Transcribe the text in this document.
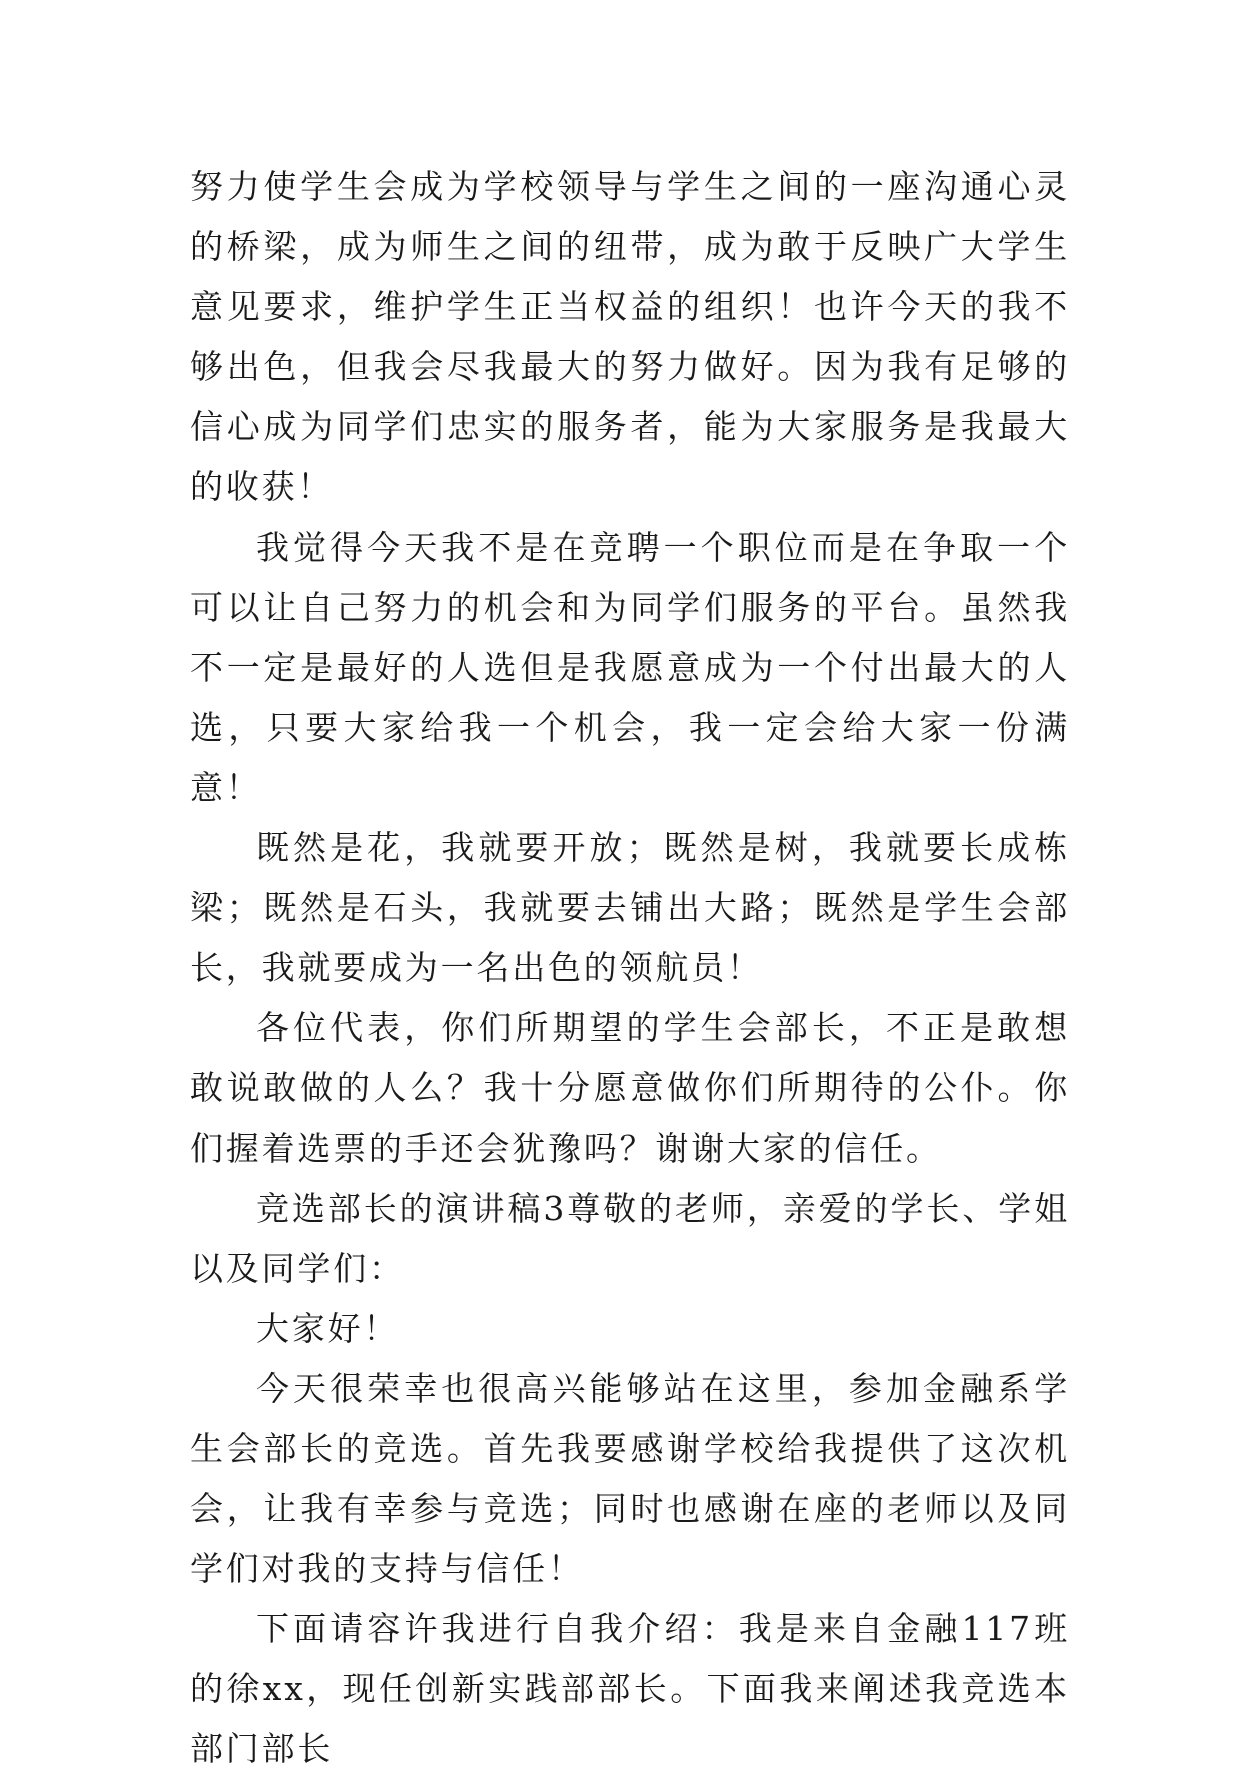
努力使学生会成为学校领导与学生之间的一座沟通心灵的桥梁，成为师生之间的纽带，成为敢于反映广大学生意见要求，维护学生正当权益的组织！也许今天的我不够出色，但我会尽我最大的努力做好。因为我有足够的信心成为同学们忠实的服务者，能为大家服务是我最大的收获！

我觉得今天我不是在竞聘一个职位而是在争取一个可以让自己努力的机会和为同学们服务的平台。虽然我不一定是最好的人选但是我愿意成为一个付出最大的人选，只要大家给我一个机会，我一定会给大家一份满意！

既然是花，我就要开放；既然是树，我就要长成栋梁；既然是石头，我就要去铺出大路；既然是学生会部长，我就要成为一名出色的领航员！

各位代表，你们所期望的学生会部长，不正是敢想敢说敢做的人么？我十分愿意做你们所期待的公仆。你们握着选票的手还会犹豫吗？谢谢大家的信任。

竞选部长的演讲稿3尊敬的老师，亲爱的学长、学姐以及同学们：

大家好！

今天很荣幸也很高兴能够站在这里，参加金融系学生会部长的竞选。首先我要感谢学校给我提供了这次机会，让我有幸参与竞选；同时也感谢在座的老师以及同学们对我的支持与信任！

下面请容许我进行自我介绍：我是来自金融117班的徐xx，现任创新实践部部长。下面我来阐述我竞选本部门部长
